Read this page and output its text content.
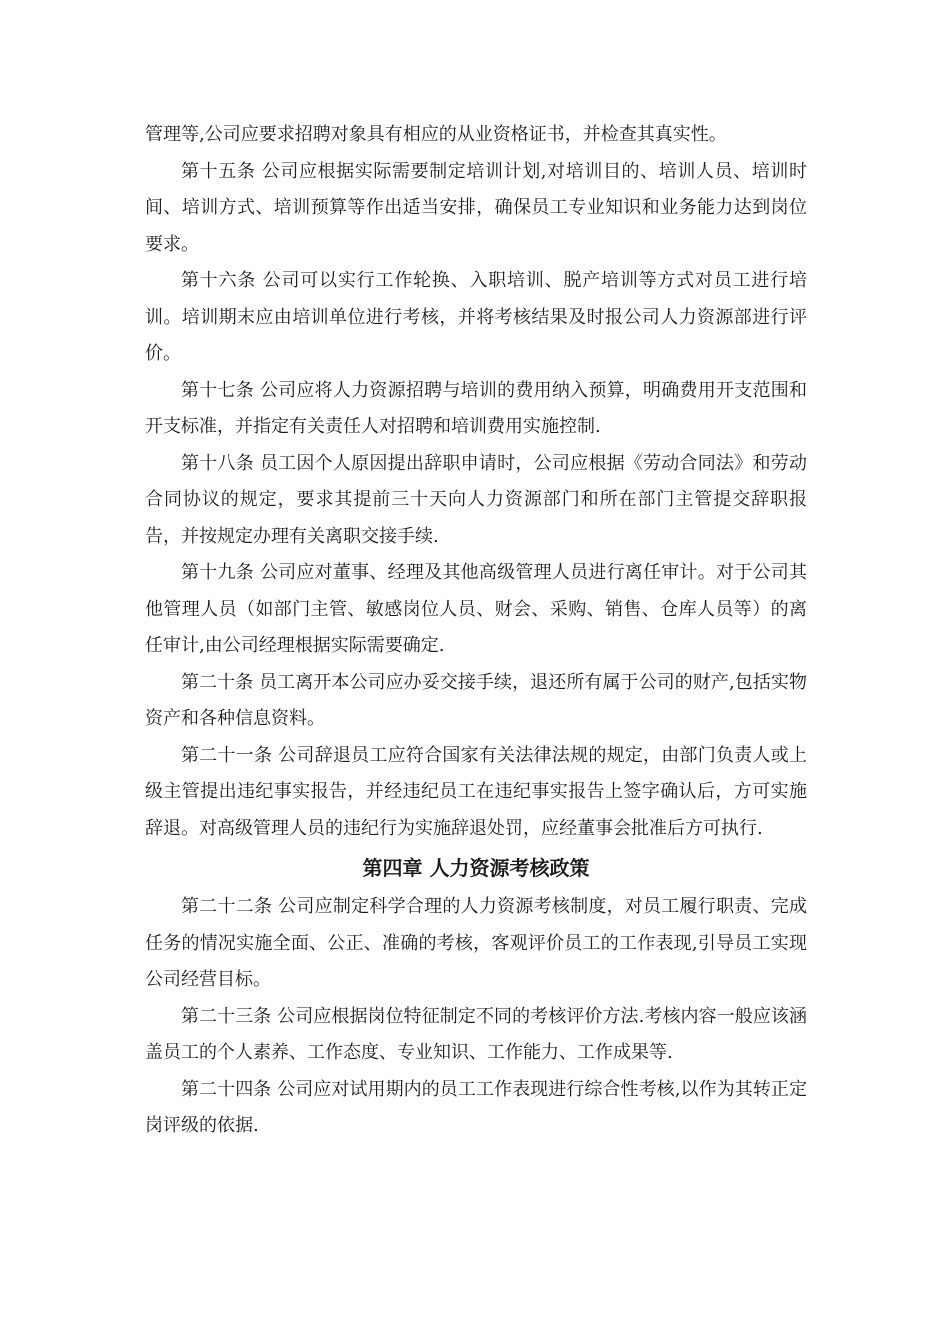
管理等,公司应要求招聘对象具有相应的从业资格证书，并检查其真实性。

第十五条 公司应根据实际需要制定培训计划,对培训目的、培训人员、培训时间、培训方式、培训预算等作出适当安排，确保员工专业知识和业务能力达到岗位要求。

第十六条 公司可以实行工作轮换、入职培训、脱产培训等方式对员工进行培训。培训期末应由培训单位进行考核，并将考核结果及时报公司人力资源部进行评价。

第十七条 公司应将人力资源招聘与培训的费用纳入预算，明确费用开支范围和开支标准，并指定有关责任人对招聘和培训费用实施控制.

第十八条 员工因个人原因提出辞职申请时，公司应根据《劳动合同法》和劳动合同协议的规定，要求其提前三十天向人力资源部门和所在部门主管提交辞职报告，并按规定办理有关离职交接手续.

第十九条 公司应对董事、经理及其他高级管理人员进行离任审计。对于公司其他管理人员（如部门主管、敏感岗位人员、财会、采购、销售、仓库人员等）的离任审计,由公司经理根据实际需要确定.

第二十条 员工离开本公司应办妥交接手续，退还所有属于公司的财产,包括实物资产和各种信息资料。

第二十一条 公司辞退员工应符合国家有关法律法规的规定，由部门负责人或上级主管提出违纪事实报告，并经违纪员工在违纪事实报告上签字确认后，方可实施辞退。对高级管理人员的违纪行为实施辞退处罚，应经董事会批准后方可执行.

第四章 人力资源考核政策

第二十二条 公司应制定科学合理的人力资源考核制度，对员工履行职责、完成任务的情况实施全面、公正、准确的考核，客观评价员工的工作表现,引导员工实现公司经营目标。

第二十三条 公司应根据岗位特征制定不同的考核评价方法.考核内容一般应该涵盖员工的个人素养、工作态度、专业知识、工作能力、工作成果等.

第二十四条 公司应对试用期内的员工工作表现进行综合性考核,以作为其转正定岗评级的依据.
